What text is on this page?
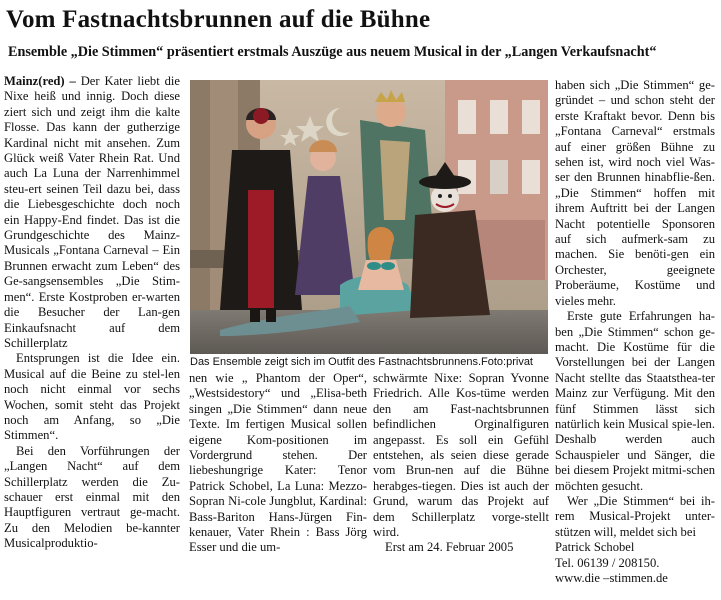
Vom Fastnachtsbrunnen auf die Bühne
Ensemble „Die Stimmen“ präsentiert erstmals Auszüge aus neuem Musical in der „Langen Verkaufsnacht“

Mainz(red) – Der Kater liebt die Nixe heiß und innig. Doch diese ziert sich und zeigt ihm die kalte Flosse. Das kann der gutherzige Kardinal nicht mit ansehen. Zum Glück weiß Vater Rhein Rat. Und auch La Luna der Narrenhimmel steu-ert seinen Teil dazu bei, dass die Liebesgeschichte doch noch ein Happy-End findet. Das ist die Grundgeschichte des Mainz-Musicals „Fontana Carneval – Ein Brunnen erwacht zum Leben“ des Ge-sangsensembles „Die Stim-men“. Erste Kostproben er-warten die Besucher der Lan-gen Einkaufsnacht auf dem Schillerplatz

Entsprungen ist die Idee ein. Musical auf die Beine zu stel-len noch nicht einmal vor sechs Wochen, somit steht das Projekt noch am Anfang, so „Die Stimmen“.

Bei den Vorführungen der „Langen Nacht“ auf dem Schillerplatz werden die Zu-schauer erst einmal mit den Hauptfiguren vertraut ge-macht. Zu den Melodien be-kannter Musicalproduktio-

Das Ensemble zeigt sich im Outfit des Fastnachtsbrunnens.Foto:privat

nen wie „ Phantom der Oper“, „Westsidestory“ und „Elisa-beth singen „Die Stimmen“ dann neue Texte. Im fertigen Musical sollen eigene Kom-positionen im Vordergrund stehen. Der liebeshungrige Kater: Tenor Patrick Schobel, La Luna: Mezzo-Sopran Ni-cole Jungblut, Kardinal: Bass-Bariton Hans-Jürgen Fin-kenauer, Vater Rhein : Bass Jörg Esser und die um-

schwärmte Nixe: Sopran Yvonne Friedrich. Alle Kos-tüme werden den am Fast-nachtsbrunnen befindlichen Orginalfiguren angepasst. Es soll ein Gefühl entstehen, als seien diese gerade vom Brun-nen auf die Bühne herabges-tiegen. Dies ist auch der Grund, warum das Projekt auf dem Schillerplatz vorge-stellt wird.

Erst am 24. Februar 2005

haben sich „Die Stimmen“ ge-gründet – und schon steht der erste Kraftakt bevor. Denn bis „Fontana Carneval“ erstmals auf einer größen Bühne zu sehen ist, wird noch viel Was-ser den Brunnen hinabflie-ßen. „Die Stimmen“ hoffen mit ihrem Auftritt bei der Langen Nacht potentielle Sponsoren auf sich aufmerk-sam zu machen. Sie benöti-gen ein Orchester, geeignete Proberäume, Kostüme und vieles mehr.

Erste gute Erfahrungen ha-ben „Die Stimmen“ schon ge-macht. Die Kostüme für die Vorstellungen bei der Langen Nacht stellte das Staatsthea-ter Mainz zur Verfügung. Mit den fünf Stimmen lässt sich natürlich kein Musical spie-len. Deshalb werden auch Schauspieler und Sänger, die bei diesem Projekt mitmi-schen möchten gesucht.

Wer „Die Stimmen“ bei ih-rem Musical-Projekt unter-stützen will, meldet sich bei

Patrick Schobel

Tel. 06139 / 208150.

www.die –stimmen.de
